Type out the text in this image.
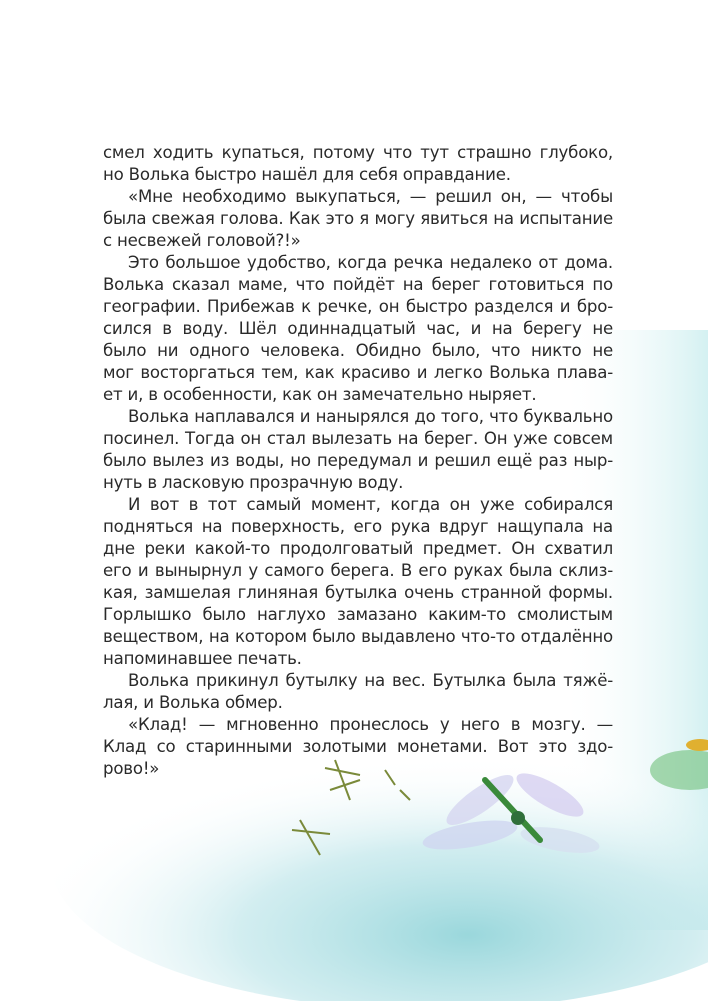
смел ходить купаться, потому что тут страшно глубоко,
но Волька быстро нашёл для себя оправдание.
«Мне необходимо выкупаться, — решил он, — чтобы
была свежая голова. Как это я могу явиться на испытание
с несвежей головой?!»
Это большое удобство, когда речка недалеко от дома.
Волька сказал маме, что пойдёт на берег готовиться по
географии. Прибежав к речке, он быстро разделся и бро-
сился в воду. Шёл одиннадцатый час, и на берегу не
было ни одного человека. Обидно было, что никто не
мог восторгаться тем, как красиво и легко Волька плава-
ет и, в особенности, как он замечательно ныряет.
Волька наплавался и нанырялся до того, что буквально
посинел. Тогда он стал вылезать на берег. Он уже совсем
было вылез из воды, но передумал и решил ещё раз ныр-
нуть в ласковую прозрачную воду.
И вот в тот самый момент, когда он уже собирался
подняться на поверхность, его рука вдруг нащупала на
дне реки какой-то продолговатый предмет. Он схватил
его и вынырнул у самого берега. В его руках была склиз-
кая, замшелая глиняная бутылка очень странной формы.
Горлышко было наглухо замазано каким-то смолистым
веществом, на котором было выдавлено что-то отдалённо
напоминавшее печать.
Волька прикинул бутылку на вес. Бутылка была тяжё-
лая, и Волька обмер.
«Клад! — мгновенно пронеслось у него в мозгу. —
Клад со старинными золотыми монетами. Вот это здо-
рово!»
